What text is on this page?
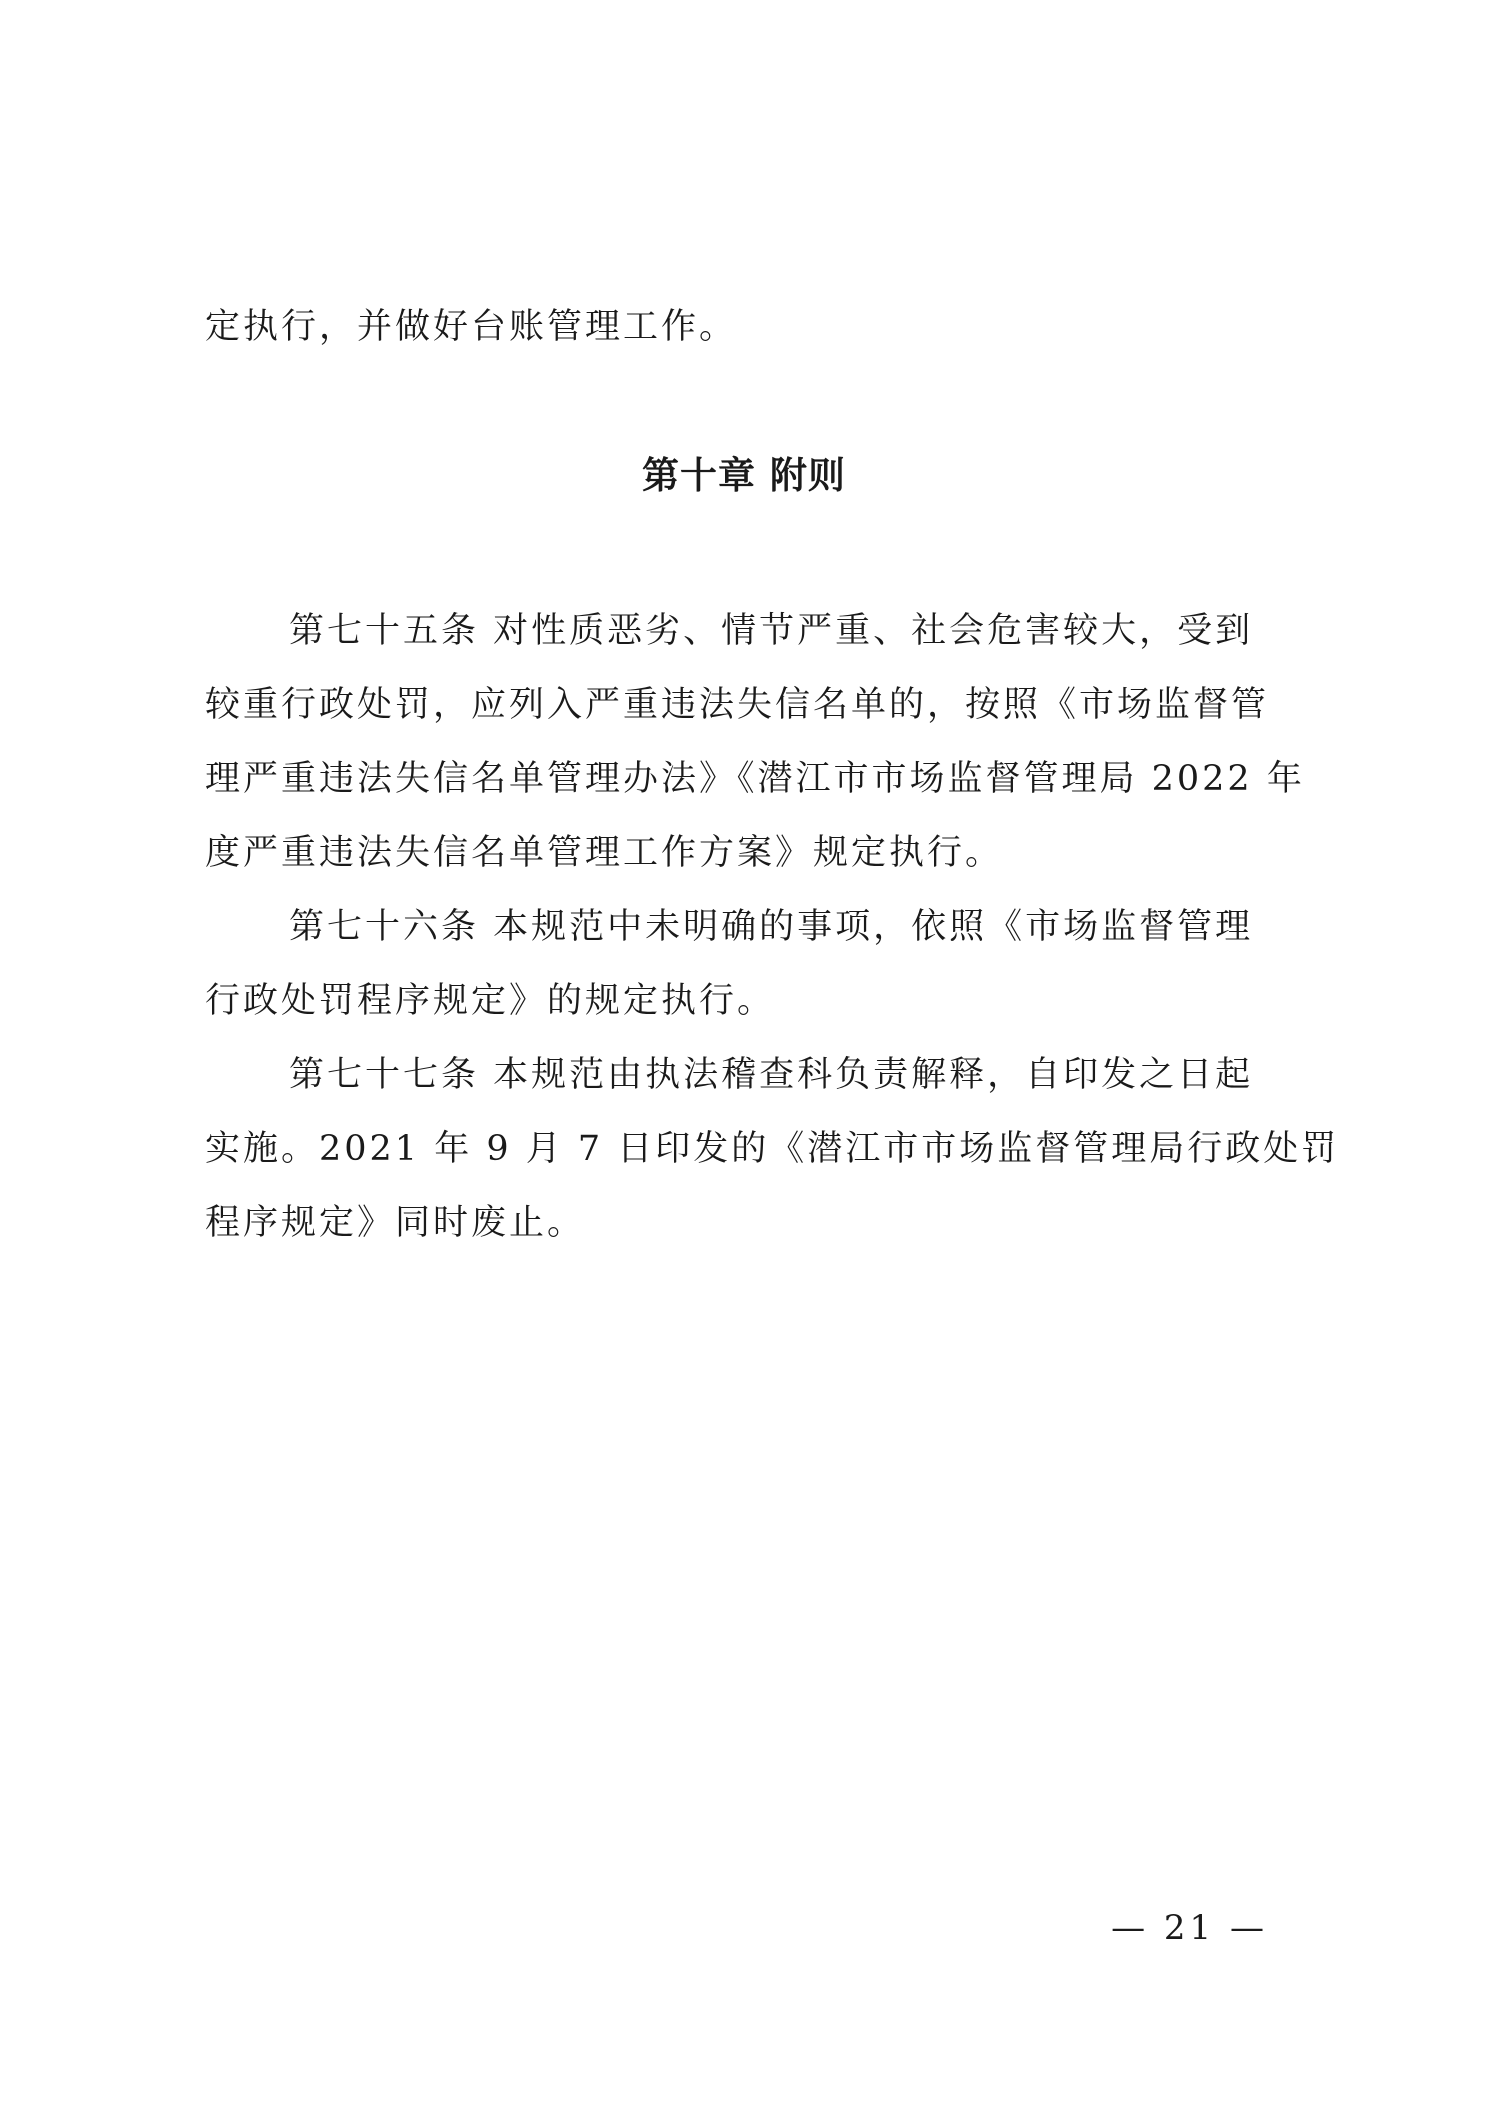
定执行，并做好台账管理工作。
第十章 附则
第七十五条 对性质恶劣、情节严重、社会危害较大，受到
较重行政处罚，应列入严重违法失信名单的，按照《市场监督管
理严重违法失信名单管理办法》《潜江市市场监督管理局 2022 年
度严重违法失信名单管理工作方案》规定执行。
第七十六条 本规范中未明确的事项，依照《市场监督管理
行政处罚程序规定》的规定执行。
第七十七条 本规范由执法稽查科负责解释，自印发之日起
实施。2021 年 9 月 7 日印发的《潜江市市场监督管理局行政处罚
程序规定》同时废止。
— 21 —
